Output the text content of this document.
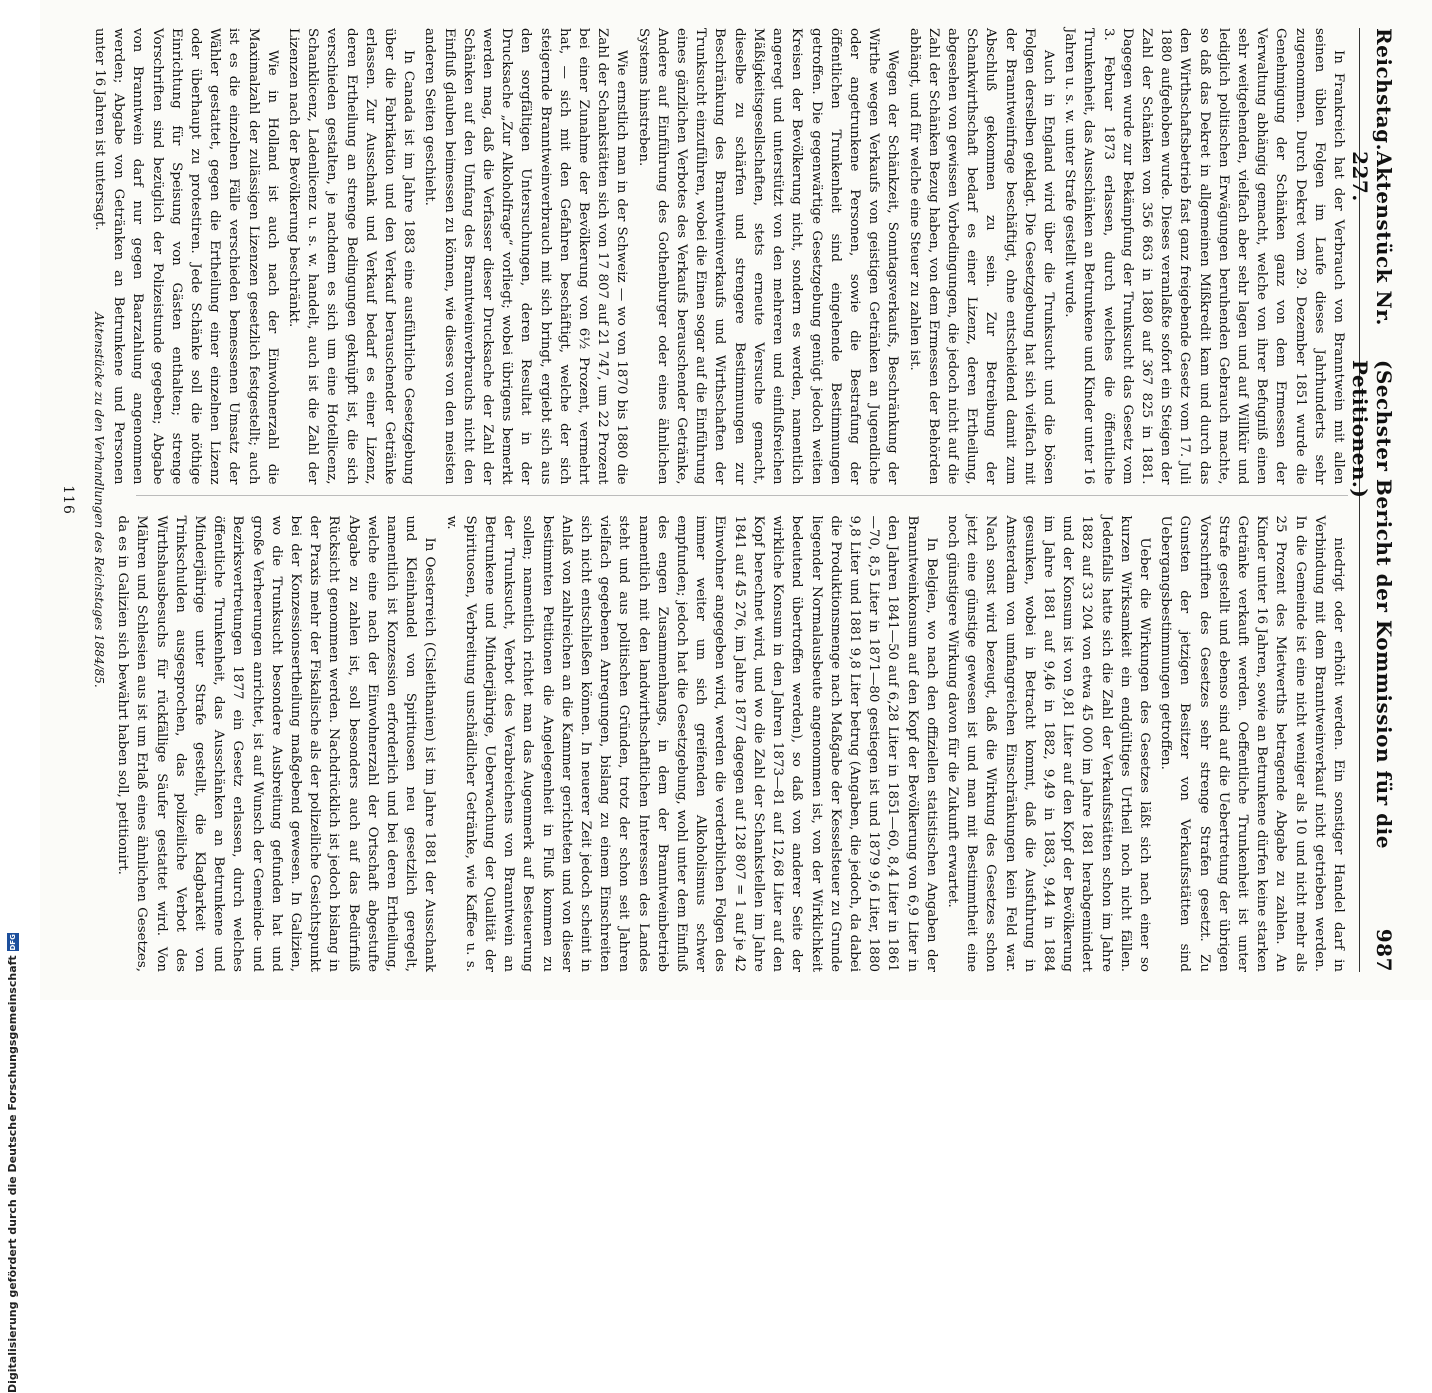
Reichstag.
Aktenstück Nr. 227.
(Sechster Bericht der Kommission für die Petitionen.)
987

In Frankreich hat der Verbrauch von Branntwein mit allen seinen üblen Folgen im Laufe dieses Jahrhunderts sehr zugenommen. Durch Dekret vom 29. Dezember 1851 wurde die Genehmigung der Schänken ganz von dem Ermessen der Verwaltung abhängig gemacht, welche von ihrer Befugniß einen sehr weitgehenden, vielfach aber sehr lagen und auf Willkür und lediglich politischen Erwägungen beruhenden Gebrauch machte, so daß das Dekret in allgemeinen Mißkredit kam und durch das den Wirthschaftsbetrieb fast ganz freigebende Gesetz vom 17. Juli 1880 aufgehoben wurde. Dieses veranlaßte sofort ein Steigen der Zahl der Schänken von 356 863 in 1880 auf 367 825 in 1881. Dagegen wurde zur Bekämpfung der Trunksucht das Gesetz vom 3. Februar 1873 erlassen, durch welches die öffentliche Trunkenheit, das Ausschänken an Betrunkene und Kinder unter 16 Jahren u. s. w. unter Strafe gestellt wurde.

Auch in England wird über die Trunksucht und die bösen Folgen derselben geklagt. Die Gesetzgebung hat sich vielfach mit der Branntweinfrage beschäftigt, ohne entscheidend damit zum Abschluß gekommen zu sein. Zur Betreibung der Schankwirthschaft bedarf es einer Lizenz, deren Ertheilung, abgesehen von gewissen Vorbedingungen, die jedoch nicht auf die Zahl der Schänken Bezug haben, von dem Ermessen der Behörden abhängt, und für welche eine Steuer zu zahlen ist.

Wegen der Schänkzeit, Sonntagsverkaufs, Beschränkung der Wirthe wegen Verkaufs von geistigen Getränken an Jugendliche oder angetrunkene Personen, sowie die Bestrafung der öffentlichen Trunkenheit sind eingehende Bestimmungen getroffen. Die gegenwärtige Gesetzgebung genügt jedoch weiten Kreisen der Bevölkerung nicht, sondern es werden, namentlich angeregt und unterstützt von den mehreren und einflußreichen Mäßigkeitsgesellschaften, stets erneute Versuche gemacht, dieselbe zu schärfen und strengere Bestimmungen zur Beschränkung des Branntweinverkaufs und Wirthschaften der Trunksucht einzuführen, wobei die Einen sogar auf die Einführung eines gänzlichen Verbotes des Verkaufs berauschender Getränke, Andere auf Einführung des Gothenburger oder eines ähnlichen Systems hinstreben.

Wie ernstlich man in der Schweiz — wo von 1870 bis 1880 die Zahl der Schankstätten sich von 17 807 auf 21 747, um 22 Prozent bei einer Zunahme der Bevölkerung von 6½ Prozent, vermehrt hat, — sich mit den Gefahren beschäftigt, welche der sich steigernde Branntweinverbrauch mit sich bringt, ergiebt sich aus den sorgfältigen Untersuchungen, deren Resultat in der Drucksache „Zur Alkoholfrage“ vorliegt; wobei übrigens bemerkt werden mag, daß die Verfasser dieser Drucksache der Zahl der Schänken auf den Umfang des Branntweinverbrauchs nicht den Einfluß glauben beimessen zu können, wie dieses von den meisten anderen Seiten geschieht.

In Canada ist im Jahre 1883 eine ausführliche Gesetzgebung über die Fabrikation und den Verkauf berauschender Getränke erlassen. Zur Ausschank und Verkauf bedarf es einer Lizenz, deren Ertheilung an strenge Bedingungen geknüpft ist, die sich verschieden gestalten, je nachdem es sich um eine Hotellicenz, Schanklicenz, Ladenlicenz u. s. w. handelt, auch ist die Zahl der Lizenzen nach der Bevölkerung beschränkt.

Wie in Holland ist auch nach der Einwohnerzahl die Maximalzahl der zulässigen Lizenzen gesetzlich festgestellt; auch ist es die einzelnen Fälle verschieden bemessenen Umsatz der Wähler gestattet, gegen die Ertheilung einer einzelnen Lizenz oder überhaupt zu protestiren. Jede Schänke soll die nöthige Einrichtung für Speisung von Gästen enthalten; strenge Vorschriften sind bezüglich der Polizeistunde gegeben; Abgabe von Branntwein darf nur gegen Baarzahlung angenommen werden; Abgabe von Getränken an Betrunkene und Personen unter 16 Jahren ist untersagt.

niedrigt oder erhöht werden. Ein sonstiger Handel darf in Verbindung mit dem Branntweinverkauf nicht getrieben werden. In die Gemeinde ist eine nicht weniger als 10 und nicht mehr als 25 Prozent des Mietwerths betragende Abgabe zu zahlen. An Kinder unter 16 Jahren, sowie an Betrunkene dürfen keine starken Getränke verkauft werden. Oeffentliche Trunkenheit ist unter Strafe gestellt und ebenso sind auf die Uebertretung der übrigen Vorschriften des Gesetzes sehr strenge Strafen gesetzt. Zu Gunsten der jetzigen Besitzer von Verkaufsstätten sind Uebergangsbestimmungen getroffen.

Ueber die Wirkungen des Gesetzes läßt sich nach einer so kurzen Wirksamkeit ein endgültiges Urtheil noch nicht fällen. Jedenfalls hatte sich die Zahl der Verkaufsstätten schon im Jahre 1882 auf 33 204 von etwa 45 000 im Jahre 1881 herabgemindert und der Konsum ist von 9,81 Liter auf den Kopf der Bevölkerung im Jahre 1881 auf 9,46 in 1882, 9,49 in 1883, 9,44 in 1884 gesunken, wobei in Betracht kommt, daß die Ausfuhrung in Amsterdam von umfangreichen Einschränkungen kein Feld war. Nach sonst wird bezeugt, daß die Wirkung des Gesetzes schon jetzt eine günstige gewesen ist und man mit Bestimmtheit eine noch günstigere Wirkung davon für die Zukunft erwartet.

In Belgien, wo nach den offiziellen statistischen Angaben der Branntweinkonsum auf den Kopf der Bevölkerung von 6,9 Liter in den Jahren 1841—50 auf 6,28 Liter in 1851—60, 8,4 Liter in 1861—70, 8,5 Liter in 1871—80 gestiegen ist und 1879 9,6 Liter, 1880 9,8 Liter und 1881 9,8 Liter betrug (Angaben, die jedoch, da dabei die Produktionsmenge nach Maßgabe der Kesselsteuer zu Grunde liegender Normalausbeute angenommen ist, von der Wirklichkeit bedeutend übertroffen werden), so daß von anderer Seite der wirkliche Konsum in den Jahren 1873—81 auf 12,68 Liter auf den Kopf berechnet wird, und wo die Zahl der Schankstellen im Jahre 1841 auf 45 276, im Jahre 1877 dagegen auf 128 807 = 1 auf je 42 Einwohner angegeben wird, werden die verderblichen Folgen des immer weiter um sich greifenden Alkoholismus schwer empfunden; jedoch hat die Gesetzgebung, wohl unter dem Einfluß des engen Zusammenhangs, in dem der Branntweinbetrieb namentlich mit den landwirthschaftlichen Interessen des Landes steht und aus politischen Gründen, trotz der schon seit Jahren vielfach gegebenen Anregungen, bislang zu einem Einschreiten sich nicht entschließen können. In neuerer Zeit jedoch scheint in Anlaß von zahlreichen an die Kammer gerichteten und von dieser bestimmten Petitionen die Angelegenheit in Fluß kommen zu sollen; namentlich richtet man das Augenmerk auf Besteuerung der Trunksucht, Verbot des Verabreichens von Branntwein an Betrunkene und Minderjährige, Ueberwachung der Qualität der Spirituosen, Verbreitung unschädlicher Getränke, wie Kaffee u. s. w.

In Oesterreich (Cisleithanien) ist im Jahre 1881 der Ausschank und Kleinhandel von Spirituosen neu gesetzlich geregelt, namentlich ist Konzession erforderlich und bei deren Ertheilung, welche eine nach der Einwohnerzahl der Ortschaft abgestufte Abgabe zu zahlen ist, soll besonders auch auf das Bedürfniß Rücksicht genommen werden. Nachdrücklich ist jedoch bislang in der Praxis mehr der Fiskalische als der polizeiliche Gesichtspunkt bei der Konzessionsertheilung maßgebend gewesen. In Galizien, wo die Trunksucht besondere Ausbreitung gefunden hat und große Verheerungen anrichtet, ist auf Wunsch der Gemeinde- und Bezirksvertretungen 1877 ein Gesetz erlassen, durch welches öffentliche Trunkenheit, das Ausschänken an Betrunkene und Minderjährige unter Strafe gestellt, die Klagbarkeit von Trinkschulden ausgesprochen, das polizeiliche Verbot des Wirthshausbesuchs für rückfällige Säufer gestattet wird. Von Mähren und Schlesien aus ist um Erlaß eines ähnlichen Gesetzes, da es in Galizien sich bewährt haben soll, petitionirt.

Aktenstücke zu den Verhandlungen des Reichstages 1884/85.
116
Digitalisierung gefördert durch die Deutsche Forschungsgemeinschaft
DFG
